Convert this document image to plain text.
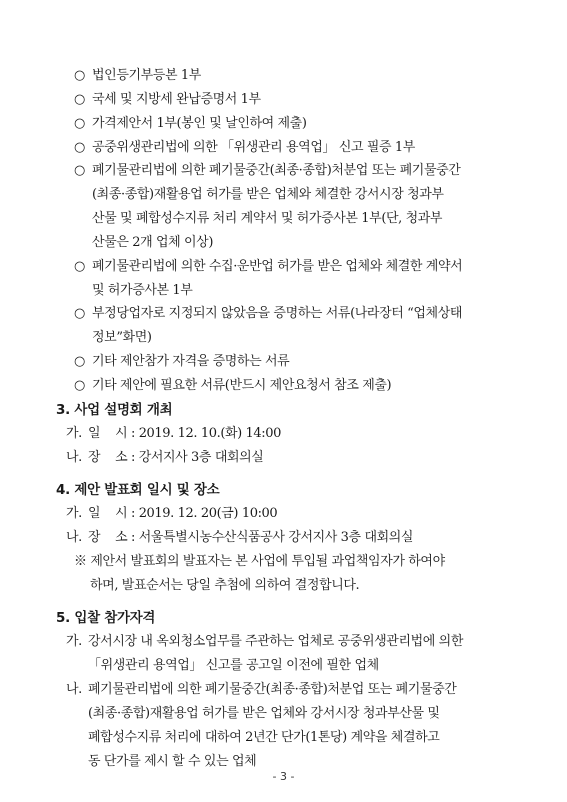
○ 법인등기부등본 1부
○ 국세 및 지방세 완납증명서 1부
○ 가격제안서 1부(봉인 및 날인하여 제출)
○ 공중위생관리법에 의한 「위생관리 용역업」 신고 필증 1부
○ 폐기물관리법에 의한 폐기물중간(최종·종합)처분업 또는 폐기물중간
(최종·종합)재활용업 허가를 받은 업체와 체결한 강서시장 청과부
산물 및 폐합성수지류 처리 계약서 및 허가증사본 1부(단, 청과부
산물은 2개 업체 이상)
○ 폐기물관리법에 의한 수집·운반업 허가를 받은 업체와 체결한 계약서
및 허가증사본 1부
○ 부정당업자로 지정되지 않았음을 증명하는 서류(나라장터 “업체상태
정보”화면)
○ 기타 제안참가 자격을 증명하는 서류
○ 기타 제안에 필요한 서류(반드시 제안요청서 참조 제출)
3. 사업 설명회 개최
가. 일    시 : 2019. 12. 10.(화) 14:00
나. 장    소 : 강서지사 3층 대회의실
4. 제안 발표회 일시 및 장소
가. 일    시 : 2019. 12. 20(금) 10:00
나. 장    소 : 서울특별시농수산식품공사 강서지사 3층 대회의실
※ 제안서 발표회의 발표자는 본 사업에 투입될 과업책임자가 하여야
하며, 발표순서는 당일 추첨에 의하여 결정합니다.
5. 입찰 참가자격
가. 강서시장 내 옥외청소업무를 주관하는 업체로 공중위생관리법에 의한
「위생관리 용역업」 신고를 공고일 이전에 필한 업체
나. 폐기물관리법에 의한 폐기물중간(최종·종합)처분업 또는 폐기물중간
(최종·종합)재활용업 허가를 받은 업체와 강서시장 청과부산물 및
폐합성수지류 처리에 대하여 2년간 단가(1톤당) 계약을 체결하고
동 단가를 제시 할 수 있는 업체
- 3 -
